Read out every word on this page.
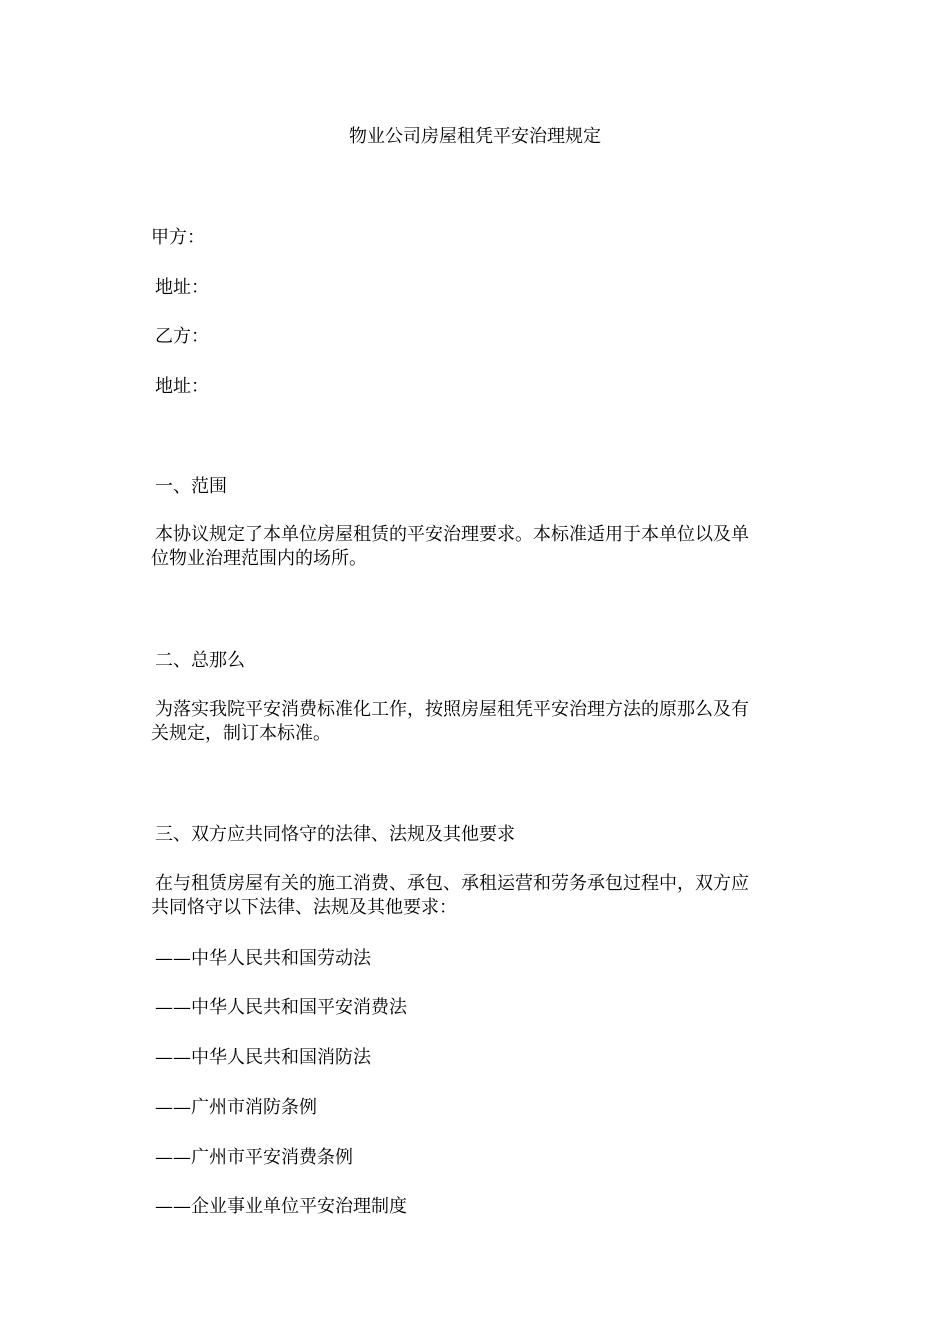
物业公司房屋租凭平安治理规定
甲方：
地址：
乙方：
地址：
一、范围
本协议规定了本单位房屋租赁的平安治理要求。本标准适用于本单位以及单
位物业治理范围内的场所。
二、总那么
为落实我院平安消费标准化工作，按照房屋租凭平安治理方法的原那么及有
关规定，制订本标准。
三、双方应共同恪守的法律、法规及其他要求
在与租赁房屋有关的施工消费、承包、承租运营和劳务承包过程中，双方应
共同恪守以下法律、法规及其他要求：
——中华人民共和国劳动法
——中华人民共和国平安消费法
——中华人民共和国消防法
——广州市消防条例
——广州市平安消费条例
——企业事业单位平安治理制度
